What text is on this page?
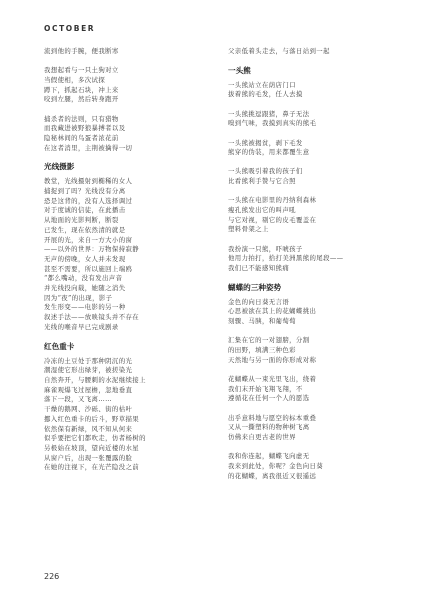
OCTOBER
流到他的手腕，便我断寒
我想起看与一只土狗对立
当假使相，多次试探
蹲下，抓起石块，冲上来
咬到左腿，然后转身跑开
捕杀者的法则，只有猎物
而我藏进被野狼暴搏者以及
隐秘林间的鸟蛋者浓花前
在这者消里，主荆被擒得一切
光线摄影
教堂，光线摄射到椭稀的女人
捕捉到了吗？光线没有分离
恐是这背的，没有人选择调过
对于度诚的信徒，在此播击
从地面的光影判断，断裂
已发生，现在依然清的就是
开展的光，来自一方大小的窗
——以外的世界：万物保持寂静
无声的傍晚，女人并未发现
甚至不需要，所以施回上端鸥
“都么嘴动，没有发出声音
并光线投向载，她随之消失
因为“夜”的出现，影子
发生形变——电影的另一种
叙述手法——放映镜头并不存在
光线的喉音早已完成剧录
红色重卡
冷冻的土豆处于那种阴沉的光
潮湿使它形出绿芽，被搓染光
自然奔开，与腰刺的水泥继续接上
麻雀观爆飞过屋檐，忽地垂直
落下一段，又飞离……
干燥的鹅网、沙砾、街的枯叶
挪入红色重卡的后斗，野草描果
依然保有新绿，风不知从何来
似乎要把它们都吹走，仿者杨树的
另极始在坡顶，望向近楼的水星
从窗户后，出现一张覆露的脸
在她的注视下，在光芒隐没之前
父亲低着头走去，与落日站到一起
一头熊
一头熊站立在荫店门口
拔着熊的毛发，任人去摸
一头熊挑逗跟猪，鼻子无法
嗅到气味，我摸到真实的熊毛
一头熊被揭贫，剥下毛发
熊穿的伪装，用来都覆生意
一头熊吸引着我的孩子们
比看熊利手赞与它合照
一头熊在电影里的丹纳利森林
瘦孔熊发出它的叫声吼
与它对视，剔它的皮毛覆盖在
塑料骨架之上
我扮演一只熊，吓唬孩子
他用力拍打，拾打美洲黑熊的尾段——
我们已不能感知熊痛
蝴蝶的三种姿势
金色的向日葵无言语
心思被欲在其上的花蝴蝶挑出
刻骤、马胰，和葡萄萄
汇集在它的一对翅膀，分割
的田野，填满三种色彩
天然地与另一面的你形成对称
花蝴蝶从一束光里飞出，绕着
我们末开始飞翔飞翔，不
遵循花在任何一个人的愿选
出乎意料地与愿空的标本重叠
又从一撕塑料的物种树飞离
仿佛来自更古老的世界
我和你连起，蝴蝶飞向虚无
我来到此处，你呢？金色向日葵
的花蝴蝶，离我很近又很遥远
226
